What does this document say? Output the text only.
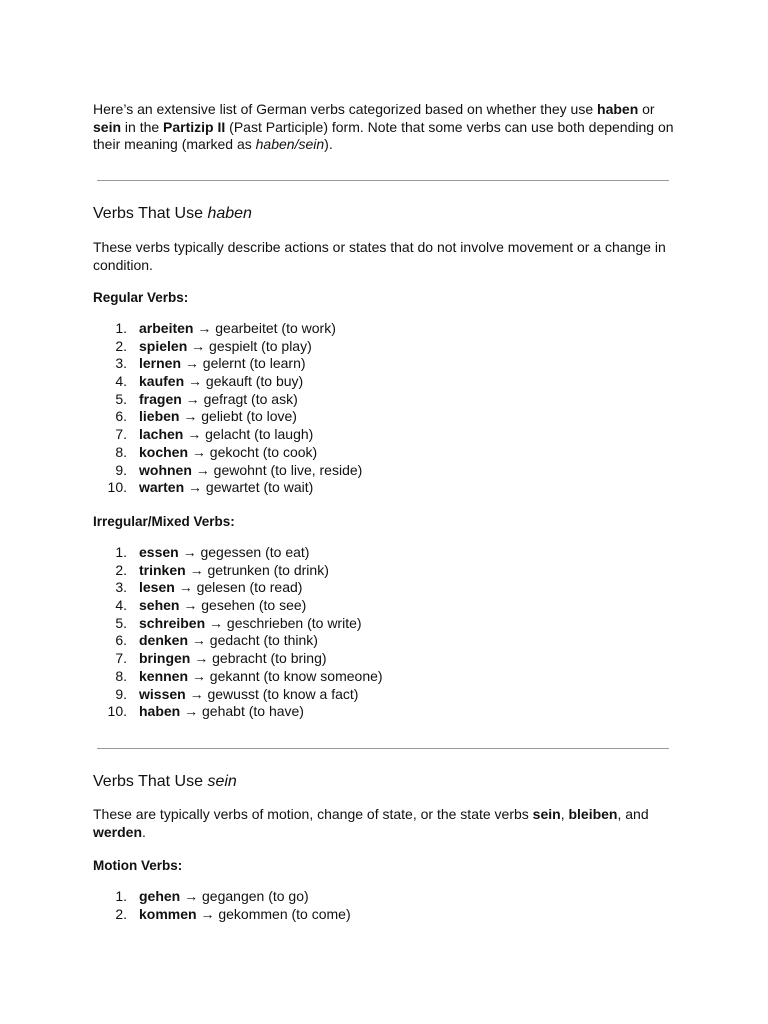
Here’s an extensive list of German verbs categorized based on whether they use haben or sein in the Partizip II (Past Participle) form. Note that some verbs can use both depending on their meaning (marked as haben/sein).

Verbs That Use haben

These verbs typically describe actions or states that do not involve movement or a change in condition.

Regular Verbs:

1. arbeiten → gearbeitet (to work)
2. spielen → gespielt (to play)
3. lernen → gelernt (to learn)
4. kaufen → gekauft (to buy)
5. fragen → gefragt (to ask)
6. lieben → geliebt (to love)
7. lachen → gelacht (to laugh)
8. kochen → gekocht (to cook)
9. wohnen → gewohnt (to live, reside)
10. warten → gewartet (to wait)

Irregular/Mixed Verbs:

1. essen → gegessen (to eat)
2. trinken → getrunken (to drink)
3. lesen → gelesen (to read)
4. sehen → gesehen (to see)
5. schreiben → geschrieben (to write)
6. denken → gedacht (to think)
7. bringen → gebracht (to bring)
8. kennen → gekannt (to know someone)
9. wissen → gewusst (to know a fact)
10. haben → gehabt (to have)
Verbs That Use sein

These are typically verbs of motion, change of state, or the state verbs sein, bleiben, and werden.

Motion Verbs:

1. gehen → gegangen (to go)
2. kommen → gekommen (to come)
